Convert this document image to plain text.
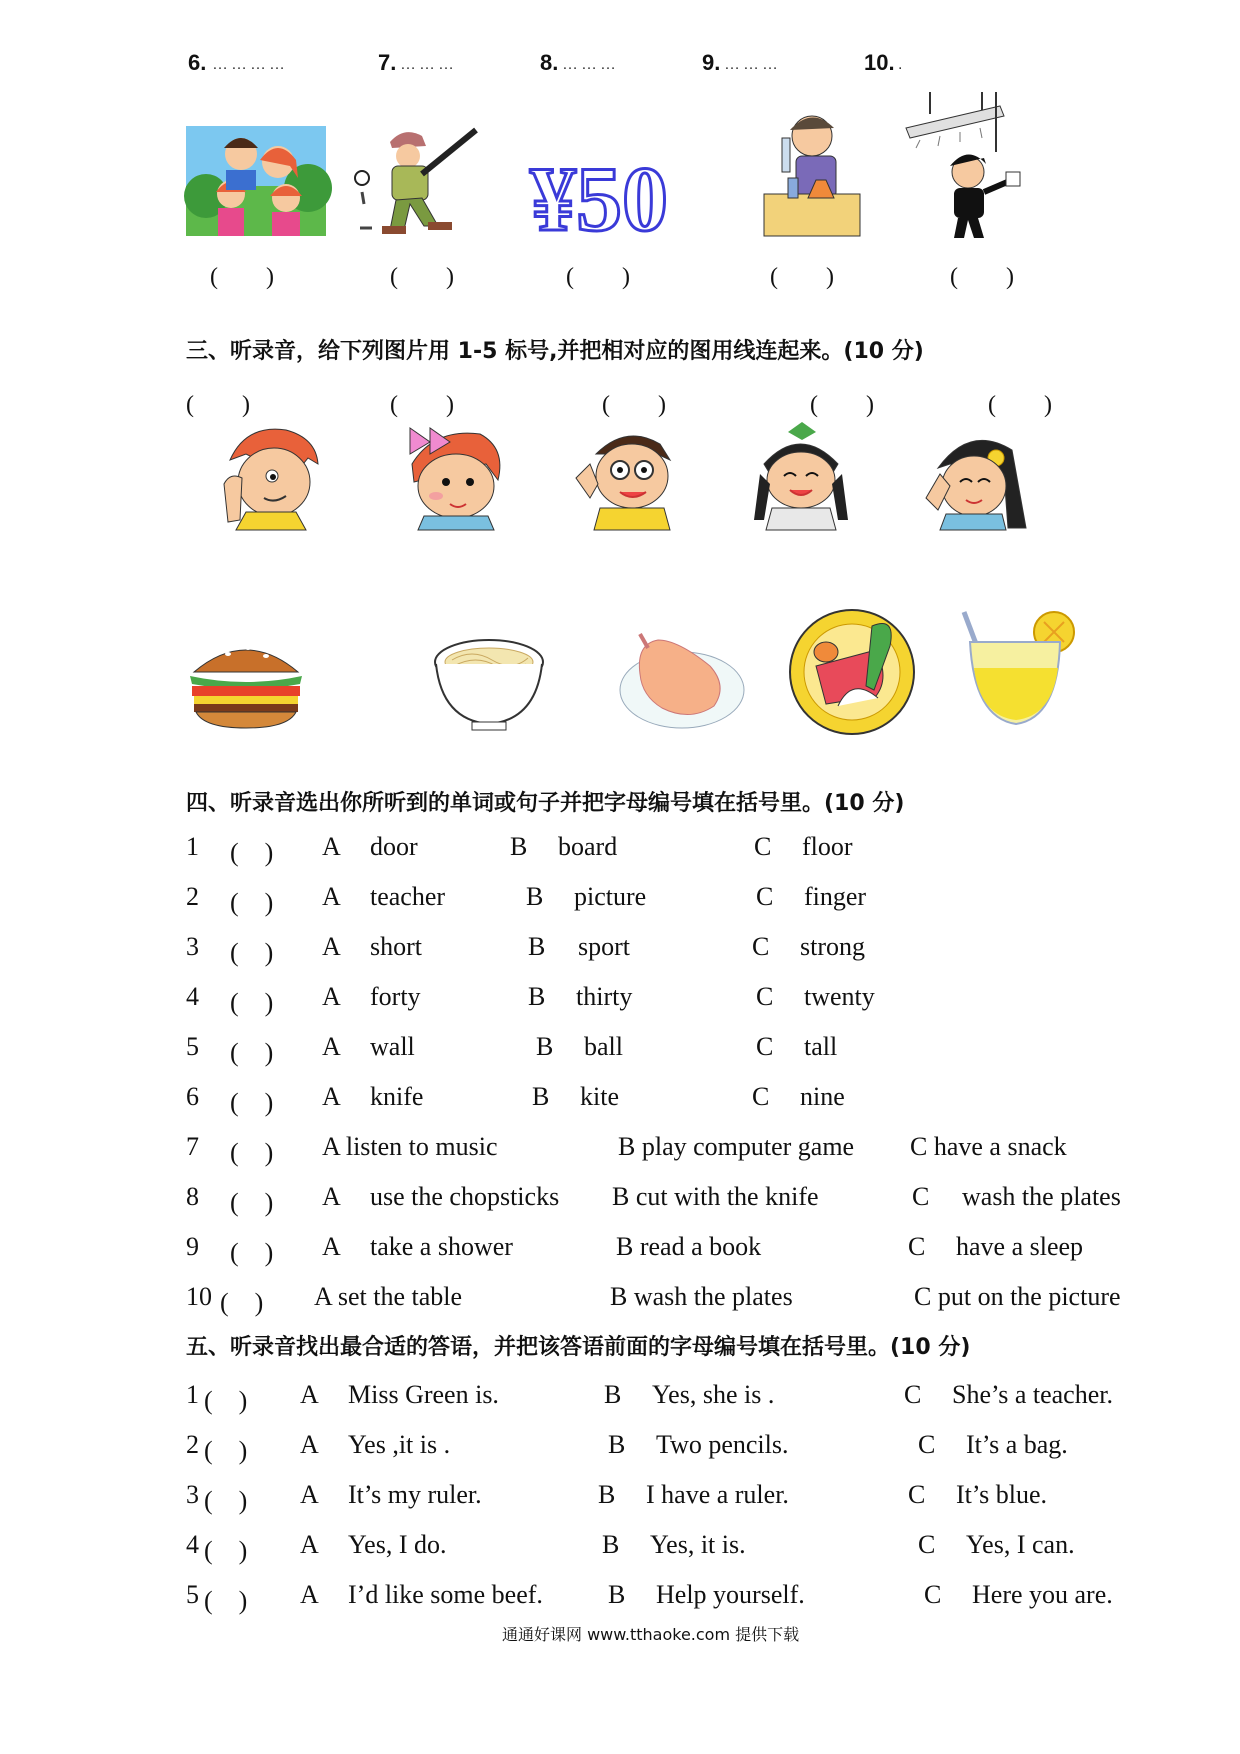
6. …………	7. ………	8. ………	9. ………	10. .
¥50
(　　)	(　　)	(　　)	(　　)	(　　)
三、听录音，给下列图片用 1-5 标号,并把相对应的图用线连起来。(10 分)
(　　)	(　　)	(　　)	(　　)	(　　)
四、听录音选出你所听到的单词或句子并把字母编号填在括号里。(10 分)
五、听录音找出最合适的答语，并把该答语前面的字母编号填在括号里。(10 分)
1 (　) A door	B board	C floor
2 (　) A teacher	B picture	C finger
3 (　) A short	B sport	C strong
4 (　) A forty	B thirty	C twenty
5 (　) A wall	B ball	C tall
6 (　) A knife	B kite	C nine
7 (　) A listen to music	B play computer game C have a snack
8 (　) A use the chopsticks B cut with the knife	C wash the plates
9 (　) A take a shower	B read a book	C have a sleep
10 (　) A set the table	B wash the plates	C put on the picture
1 (　) A Miss Green is.	B Yes, she is .	C She’s a teacher.
2 (　) A Yes ,it is .	B Two pencils.	C It’s a bag.
3 (　) A It’s my ruler.	B I have a ruler.	C It’s blue.
4 (　) A Yes, I do.	B Yes, it is.	C Yes, I can.
5 (　) A I’d like some beef.	B Help yourself.	C Here you are.
通通好课网 www.tthaoke.com 提供下载
